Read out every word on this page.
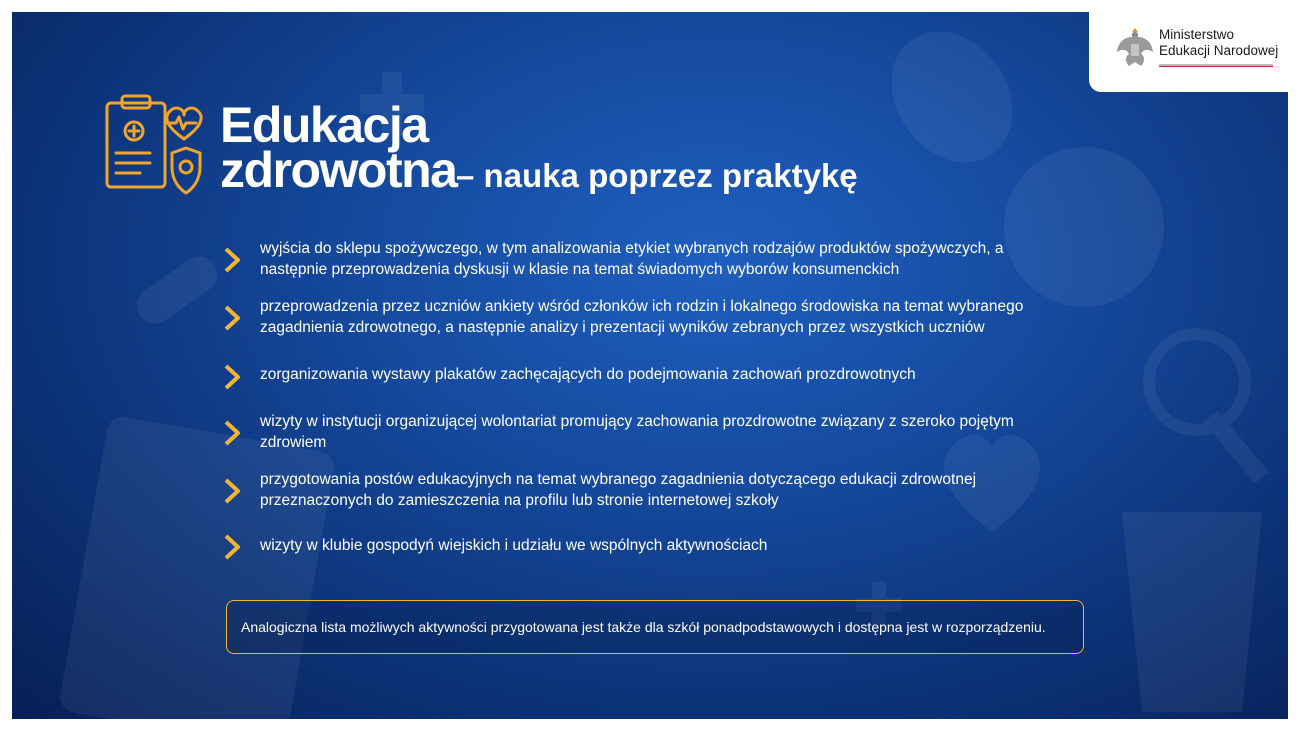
Ministerstwo
Edukacji Narodowej
Edukacja
zdrowotna – nauka poprzez praktykę
wyjścia do sklepu spożywczego, w tym analizowania etykiet wybranych rodzajów produktów spożywczych, a następnie przeprowadzenia dyskusji w klasie na temat świadomych wyborów konsumenckich
przeprowadzenia przez uczniów ankiety wśród członków ich rodzin i lokalnego środowiska na temat wybranego zagadnienia zdrowotnego, a następnie analizy i prezentacji wyników zebranych przez wszystkich uczniów
zorganizowania wystawy plakatów zachęcających do podejmowania zachowań prozdrowotnych
wizyty w instytucji organizującej wolontariat promujący zachowania prozdrowotne związany z szeroko pojętym zdrowiem
przygotowania postów edukacyjnych na temat wybranego zagadnienia dotyczącego edukacji zdrowotnej przeznaczonych do zamieszczenia na profilu lub stronie internetowej szkoły
wizyty w klubie gospodyń wiejskich i udziału we wspólnych aktywnościach
Analogiczna lista możliwych aktywności przygotowana jest także dla szkół ponadpodstawowych i dostępna jest w rozporządzeniu.
